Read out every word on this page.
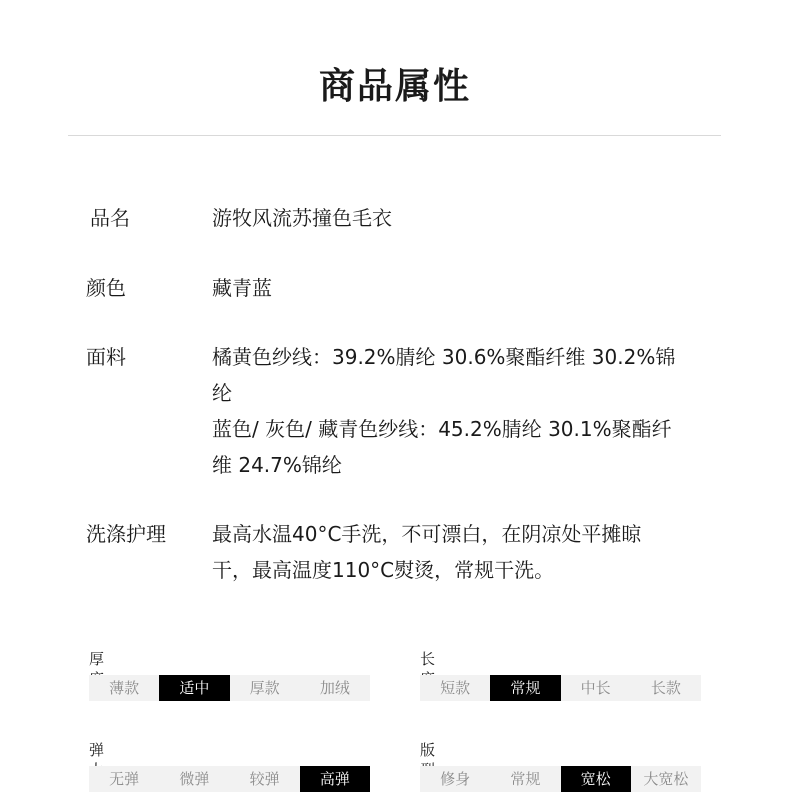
商品属性
品名	游牧风流苏撞色毛衣
颜色	藏青蓝
面料	橘黄色纱线：39.2%腈纶 30.6%聚酯纤维 30.2%锦
纶
蓝色/ 灰色/ 藏青色纱线：45.2%腈纶 30.1%聚酯纤
维 24.7%锦纶
洗涤护理 最高水温40°C手洗，不可漂白，在阴凉处平摊晾
干，最高温度110°C熨烫，常规干洗。
厚
薄款	适中	厚款	加绒
长
短款	常规	中长	长款
弹
无弹	微弹	较弹	高弹
版
修身	常规	宽松	大宽松
